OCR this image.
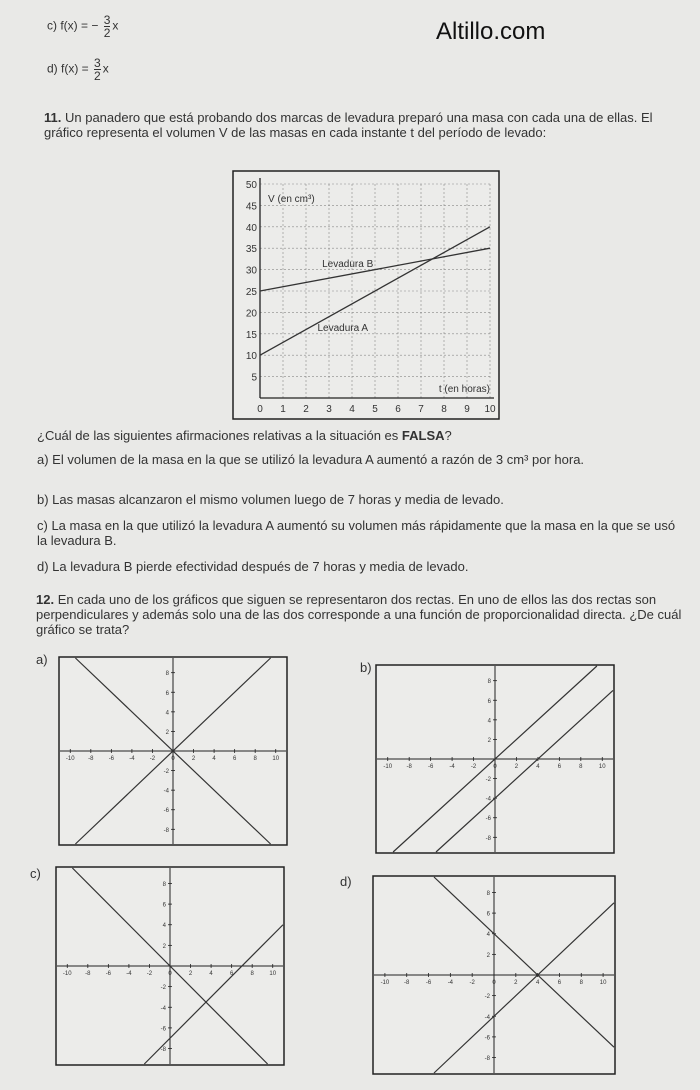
c) f(x) = − $\frac{3}{2}$ x
d) $f(x) = \frac{3}{2}$ x
Altillo.com
11. Un panadero que está probando dos marcas de levadura preparó una masa con cada una de ellas. El gráfico representa el volumen V de las masas en cada instante t del período de levado:
0 1 2 3 4 5 6 7 8 9 10
5
10
15
20
25
30
35
40
45
50
V (en cm³)
t (en horas)
Levadura B
Levadura A
¿Cuál de las siguientes afirmaciones relativas a la situación es FALSA?
a) El volumen de la masa en la que se utilizó la levadura A aumentó a razón de 3 cm³ por hora.
b) Las masas alcanzaron el mismo volumen luego de 7 horas y media de levado.
c) La masa en la que utilizó la levadura A aumentó su volumen más rápidamente que la masa en la que se usó la levadura B.
d) La levadura B pierde efectividad después de 7 horas y media de levado.
12. En cada uno de los gráficos que siguen se representaron dos rectas. En uno de ellos las dos rectas son perpendiculares y además solo una de las dos corresponde a una función de proporcionalidad directa. ¿De cuál gráfico se trata?
a)
b)
c)
d)
-10 -8	-6	-4	-2	0	2	4	6	8	10
8
6
4
2
-2
-4
-6
-8
-10 -8	-6	-4	-2	0	2	4	6	8	10
8
6
4
2
-2
-4
-6
-8
-10 -8	-6	-4	-2	0	2	4	6	8	10
8
6
4
2
-2
-4
-6
-8
-10 -8	-6	-4	-2	0	2	4	6	8	10
8
6
4
2
-2
-4
-6
-8
